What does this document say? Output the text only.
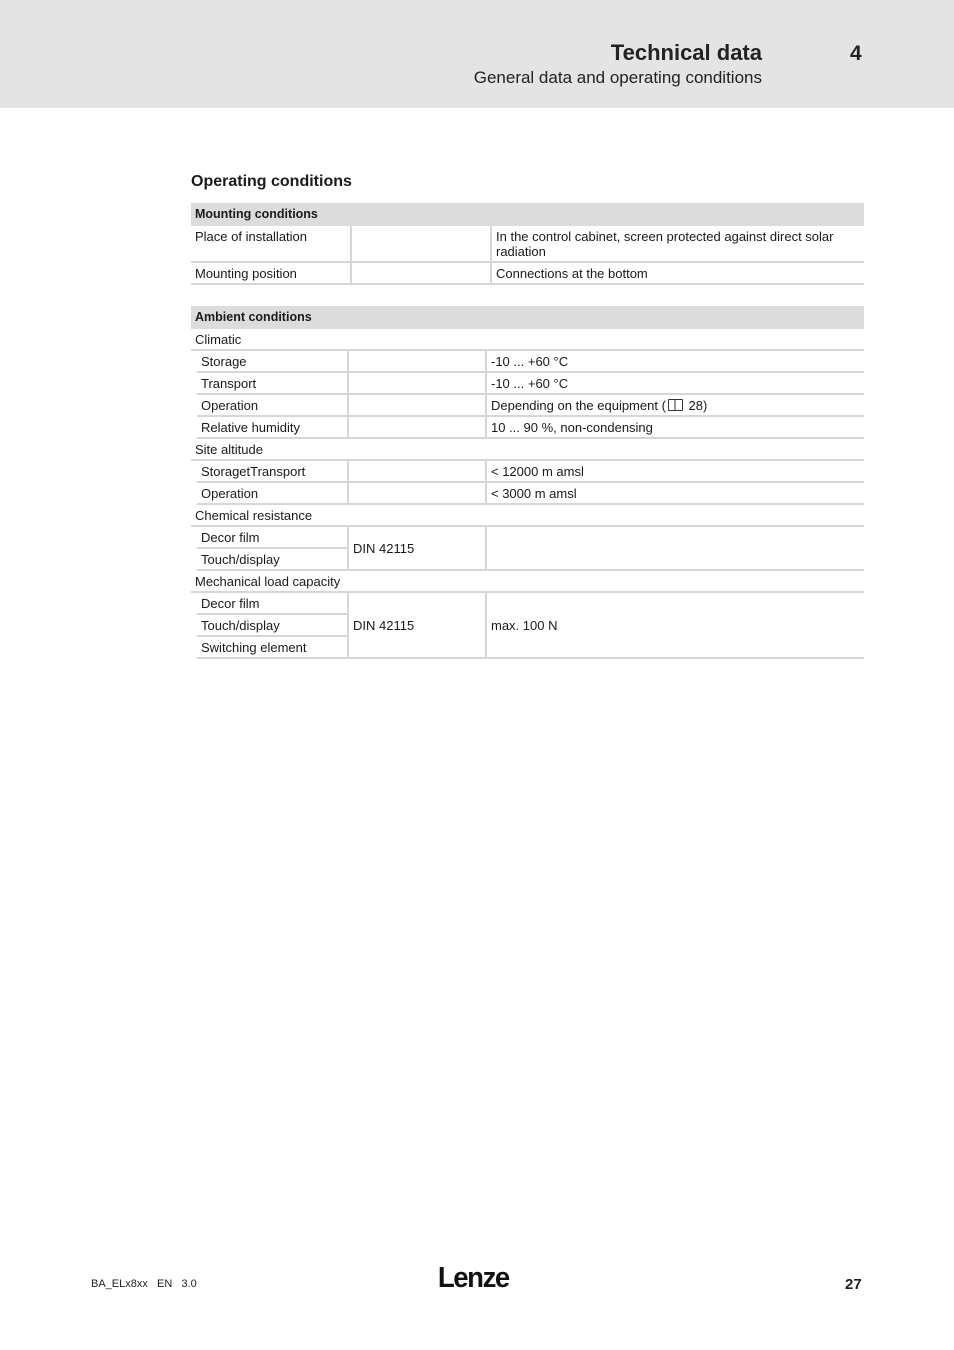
Technical data
General data and operating conditions
4
Operating conditions
Mounting conditions		
Place of installation		In the control cabinet, screen protected against direct solar radiation
Mounting position		Connections at the bottom
Ambient conditions			
Climatic			
	Storage		-10 ... +60 °C
	Transport		-10 ... +60 °C
	Operation		Depending on the equipment ( 28)
	Relative humidity		10 ... 90 %, non-condensing
Site altitude			
	StoragetTransport		< 12000 m amsl
	Operation		< 3000 m amsl
Chemical resistance			
	Decor film	DIN 42115	
	Touch/display		
Mechanical load capacity			
	Decor film	DIN 42115	max. 100 N
	Touch/display		
	Switching element		
BA_ELx8xx   EN   3.0	Lenze	27
